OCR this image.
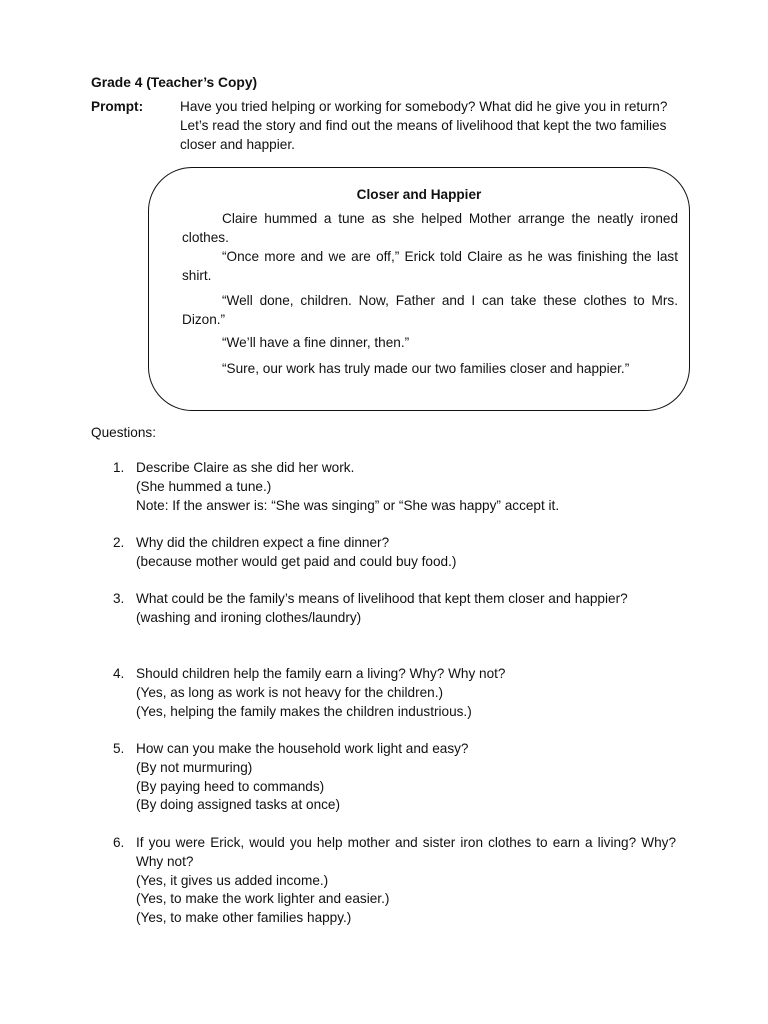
Grade 4 (Teacher’s Copy)
Prompt:	Have you tried helping or working for somebody? What did he give you in return? Let’s read the story and find out the means of livelihood that kept the two families closer and happier.
Closer and Happier
Claire hummed a tune as she helped Mother arrange the neatly ironed clothes.
“Once more and we are off,” Erick told Claire as he was finishing the last shirt.
“Well done, children. Now, Father and I can take these clothes to Mrs. Dizon.”
“We’ll have a fine dinner, then.”
“Sure, our work has truly made our two families closer and happier.”
Questions:
1. Describe Claire as she did her work.
(She hummed a tune.)
Note: If the answer is: “She was singing” or “She was happy” accept it.
2. Why did the children expect a fine dinner?
(because mother would get paid and could buy food.)
3. What could be the family’s means of livelihood that kept them closer and happier?
(washing and ironing clothes/laundry)
4. Should children help the family earn a living? Why? Why not?
(Yes, as long as work is not heavy for the children.)
(Yes, helping the family makes the children industrious.)
5. How can you make the household work light and easy?
(By not murmuring)
(By paying heed to commands)
(By doing assigned tasks at once)
6. If you were Erick, would you help mother and sister iron clothes to earn a living? Why? Why not?
(Yes, it gives us added income.)
(Yes, to make the work lighter and easier.)
(Yes, to make other families happy.)
